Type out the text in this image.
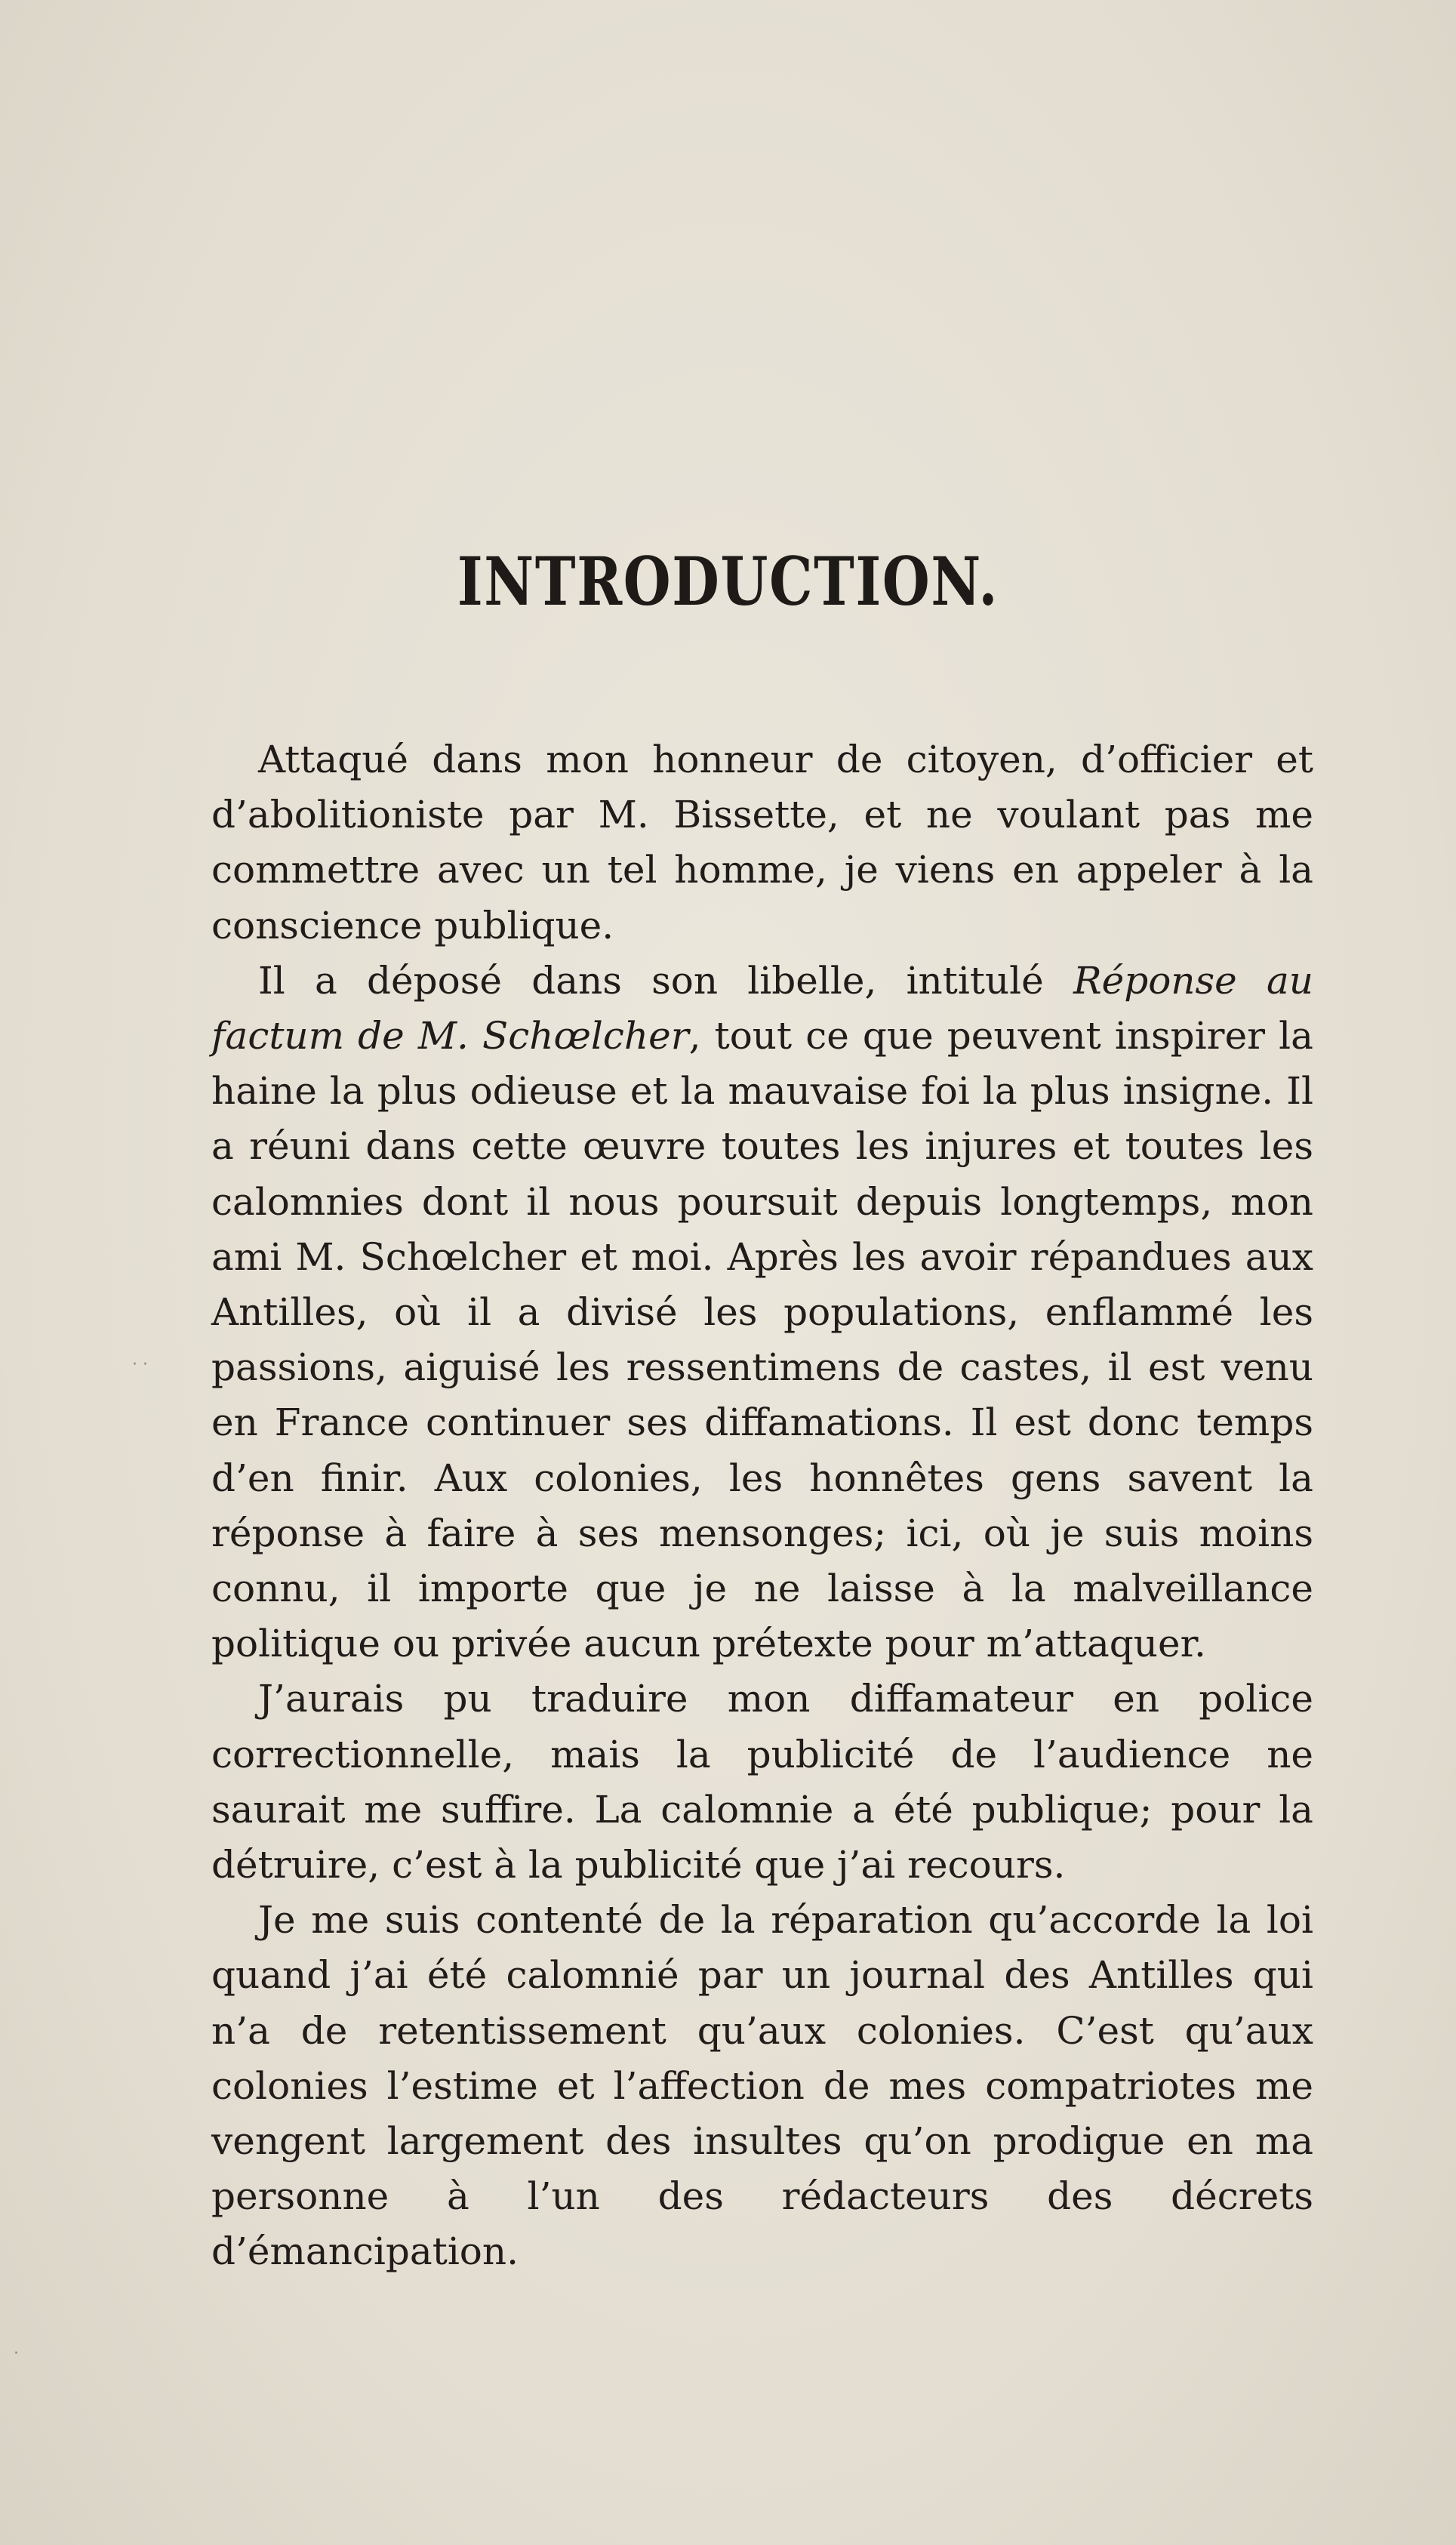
INTRODUCTION.

Attaqué dans mon honneur de citoyen, d’officier et d’abolitioniste par M. Bissette, et ne voulant pas me commettre avec un tel homme, je viens en appeler à la conscience publique.

Il a déposé dans son libelle, intitulé Réponse au factum de M. Schœlcher, tout ce que peuvent inspirer la haine la plus odieuse et la mauvaise foi la plus insigne. Il a réuni dans cette œuvre toutes les injures et toutes les calomnies dont il nous poursuit depuis longtemps, mon ami M. Schœlcher et moi. Après les avoir répandues aux Antilles, où il a divisé les populations, enflammé les passions, aiguisé les ressentimens de castes, il est venu en France continuer ses diffamations. Il est donc temps d’en finir. Aux colonies, les honnêtes gens savent la réponse à faire à ses mensonges; ici, où je suis moins connu, il importe que je ne laisse à la malveillance politique ou privée aucun prétexte pour m’attaquer.

J’aurais pu traduire mon diffamateur en police correctionnelle, mais la publicité de l’audience ne saurait me suffire. La calomnie a été publique; pour la détruire, c’est à la publicité que j’ai recours.

Je me suis contenté de la réparation qu’accorde la loi quand j’ai été calomnié par un journal des Antilles qui n’a de retentissement qu’aux colonies. C’est qu’aux colonies l’estime et l’affection de mes compatriotes me vengent largement des insultes qu’on prodigue en ma personne à l’un des rédacteurs des décrets d’émancipation.

· ·
·
